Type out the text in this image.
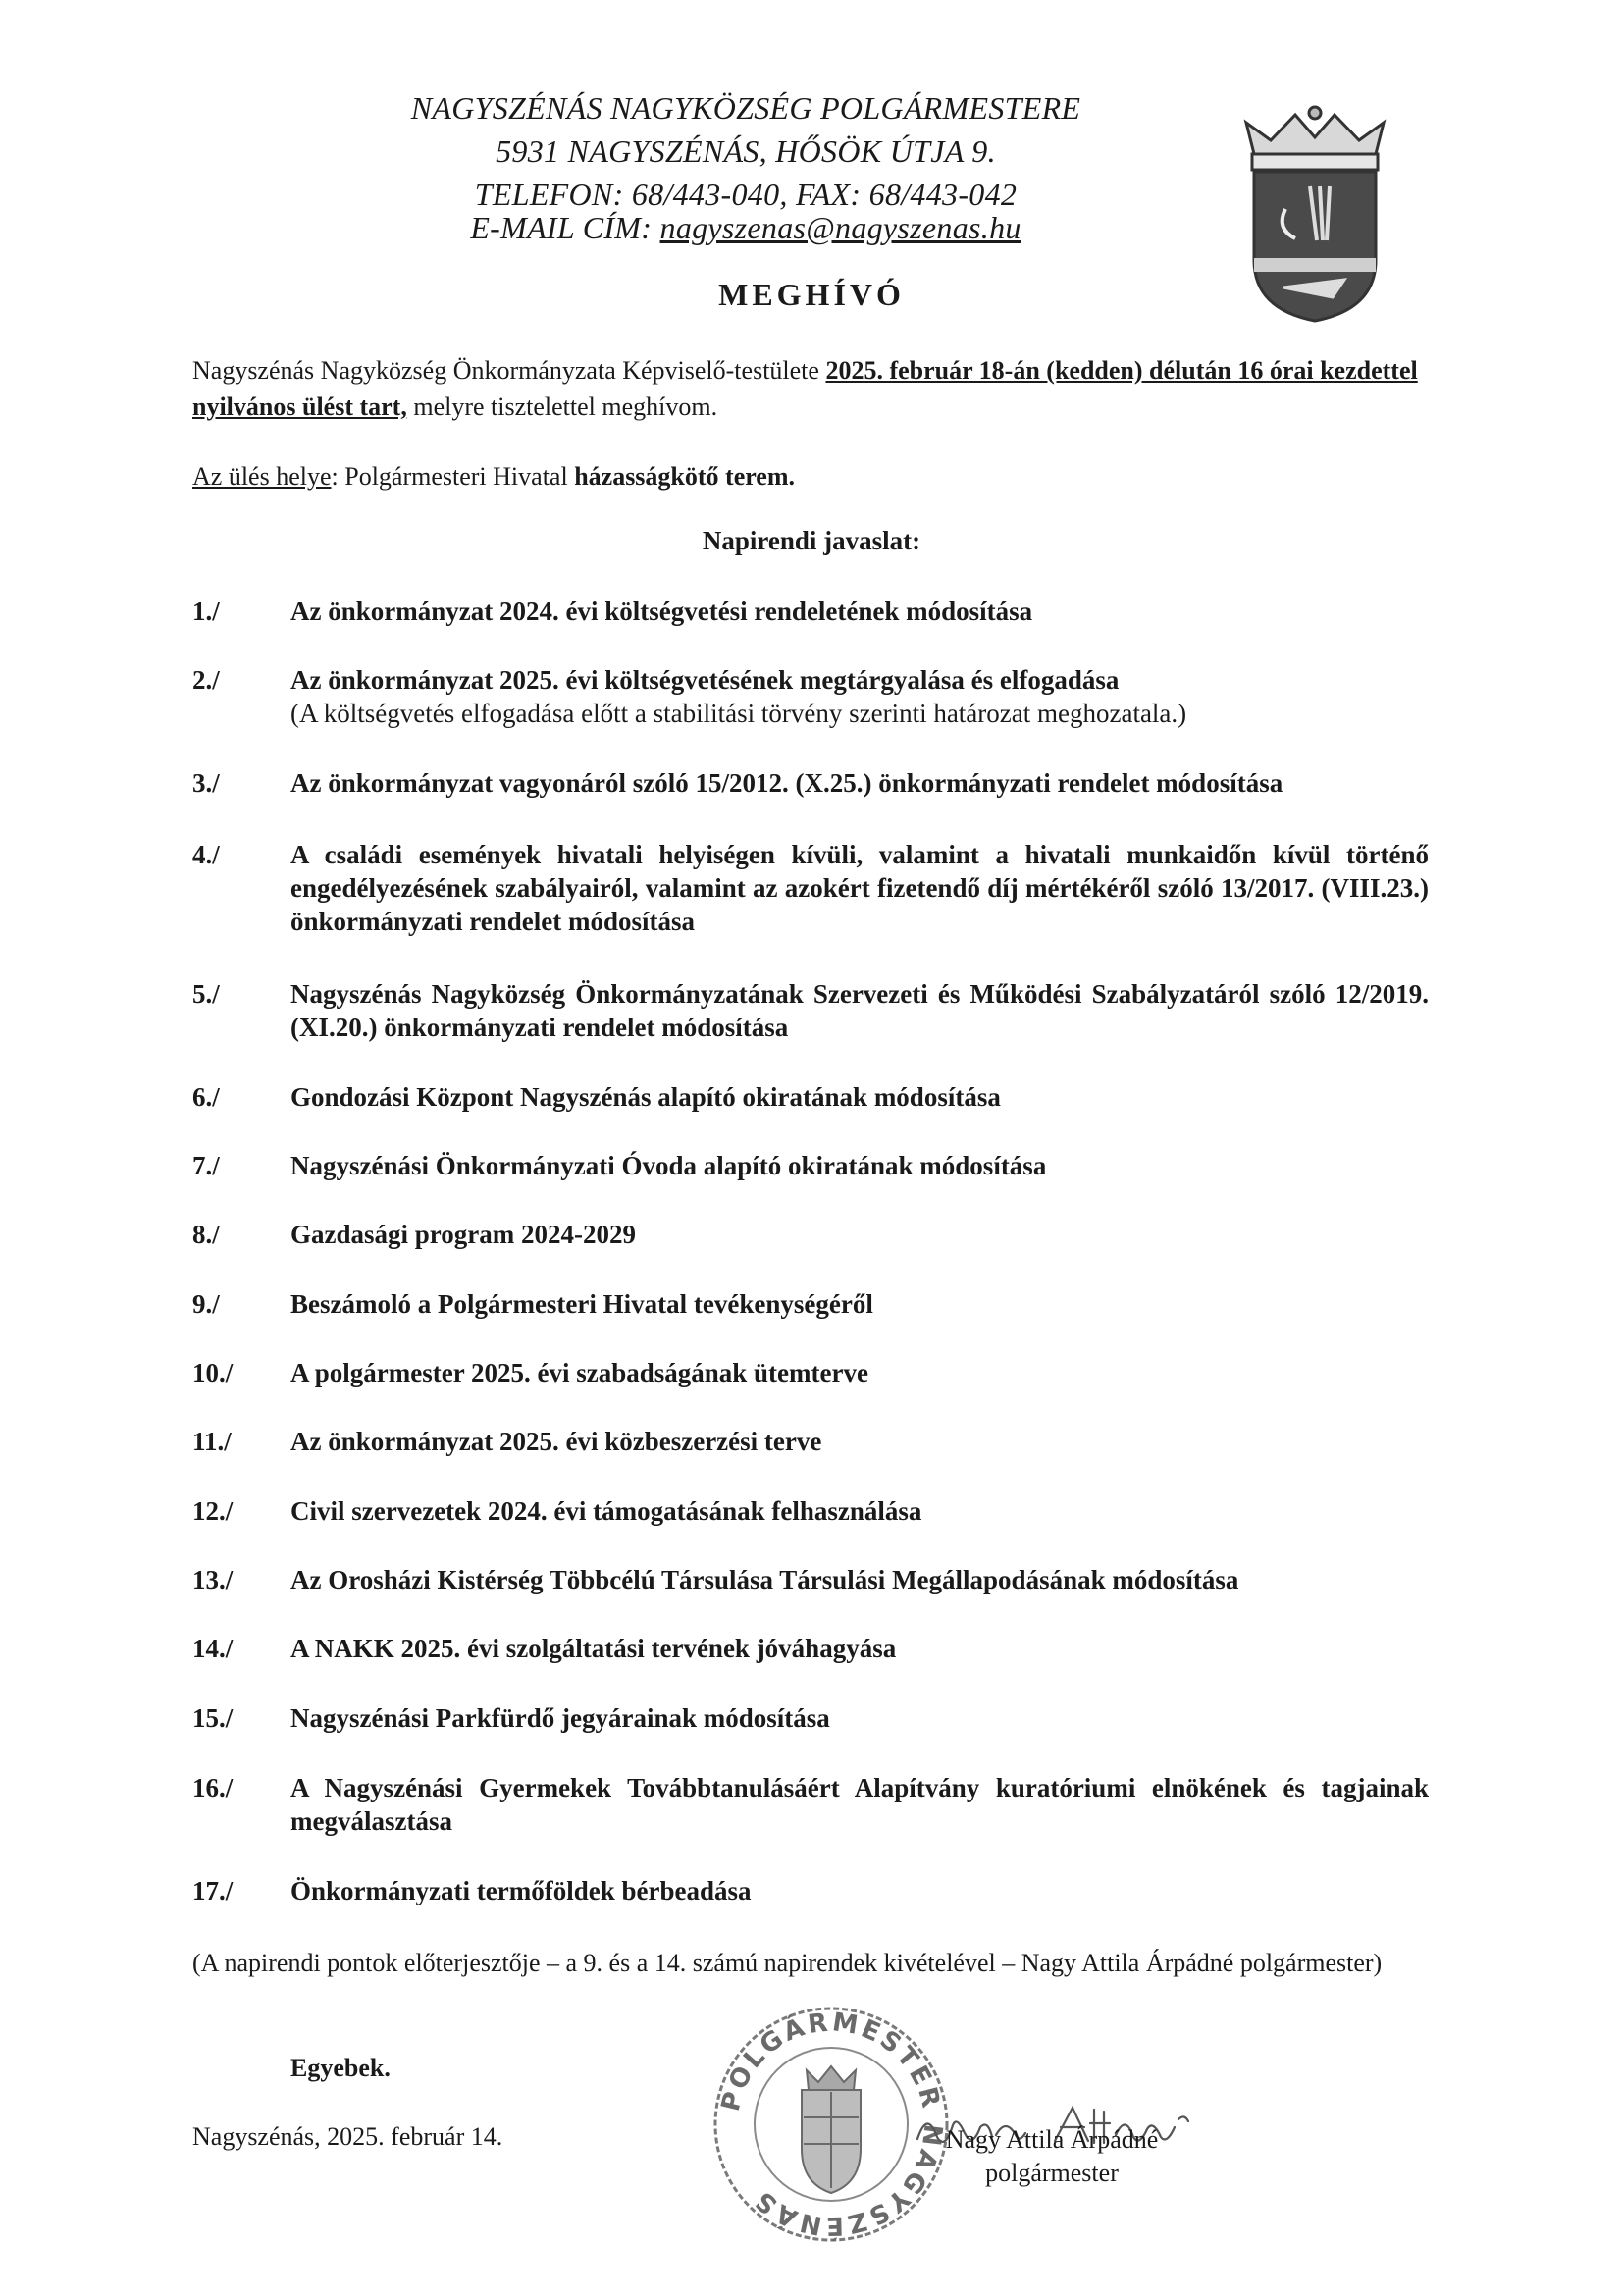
NAGYSZÉNÁS NAGYKÖZSÉG POLGÁRMESTERE
5931 NAGYSZÉNÁS, HŐSÖK ÚTJA 9.
TELEFON: 68/443-040, FAX: 68/443-042
E-MAIL CÍM: nagyszenas@nagyszenas.hu
MEGHÍVÓ
Nagyszénás Nagyközség Önkormányzata Képviselő-testülete 2025. február 18-án (kedden) délután 16 órai kezdettel nyilvános ülést tart, melyre tisztelettel meghívom.
Az ülés helye: Polgármesteri Hivatal házasságkötő terem.
Napirendi javaslat:
1./	Az önkormányzat 2024. évi költségvetési rendeletének módosítása
2./	Az önkormányzat 2025. évi költségvetésének megtárgyalása és elfogadása
(A költségvetés elfogadása előtt a stabilitási törvény szerinti határozat meghozatala.)
3./	Az önkormányzat vagyonáról szóló 15/2012. (X.25.) önkormányzati rendelet módosítása
4./	A családi események hivatali helyiségen kívüli, valamint a hivatali munkaidőn kívül történő engedélyezésének szabályairól, valamint az azokért fizetendő díj mértékéről szóló 13/2017. (VIII.23.) önkormányzati rendelet módosítása
5./	Nagyszénás Nagyközség Önkormányzatának Szervezeti és Működési Szabályzatáról szóló 12/2019. (XI.20.) önkormányzati rendelet módosítása
6./	Gondozási Központ Nagyszénás alapító okiratának módosítása
7./	Nagyszénási Önkormányzati Óvoda alapító okiratának módosítása
8./	Gazdasági program 2024-2029
9./	Beszámoló a Polgármesteri Hivatal tevékenységéről
10./ A polgármester 2025. évi szabadságának ütemterve
11./ Az önkormányzat 2025. évi közbeszerzési terve
12./ Civil szervezetek 2024. évi támogatásának felhasználása
13./ Az Orosházi Kistérség Többcélú Társulása Társulási Megállapodásának módosítása
14./ A NAKK 2025. évi szolgáltatási tervének jóváhagyása
15./ Nagyszénási Parkfürdő jegyárainak módosítása
16./ A Nagyszénási Gyermekek Továbbtanulásáért Alapítvány kuratóriumi elnökének és tagjainak megválasztása
17./ Önkormányzati termőföldek bérbeadása
(A napirendi pontok előterjesztője – a 9. és a 14. számú napirendek kivételével – Nagy Attila Árpádné polgármester)
Egyebek.
Nagyszénás, 2025. február 14.
POLGÁRMESTER NAGYSZÉNÁS
Nagy Attila Árpádné
polgármester
